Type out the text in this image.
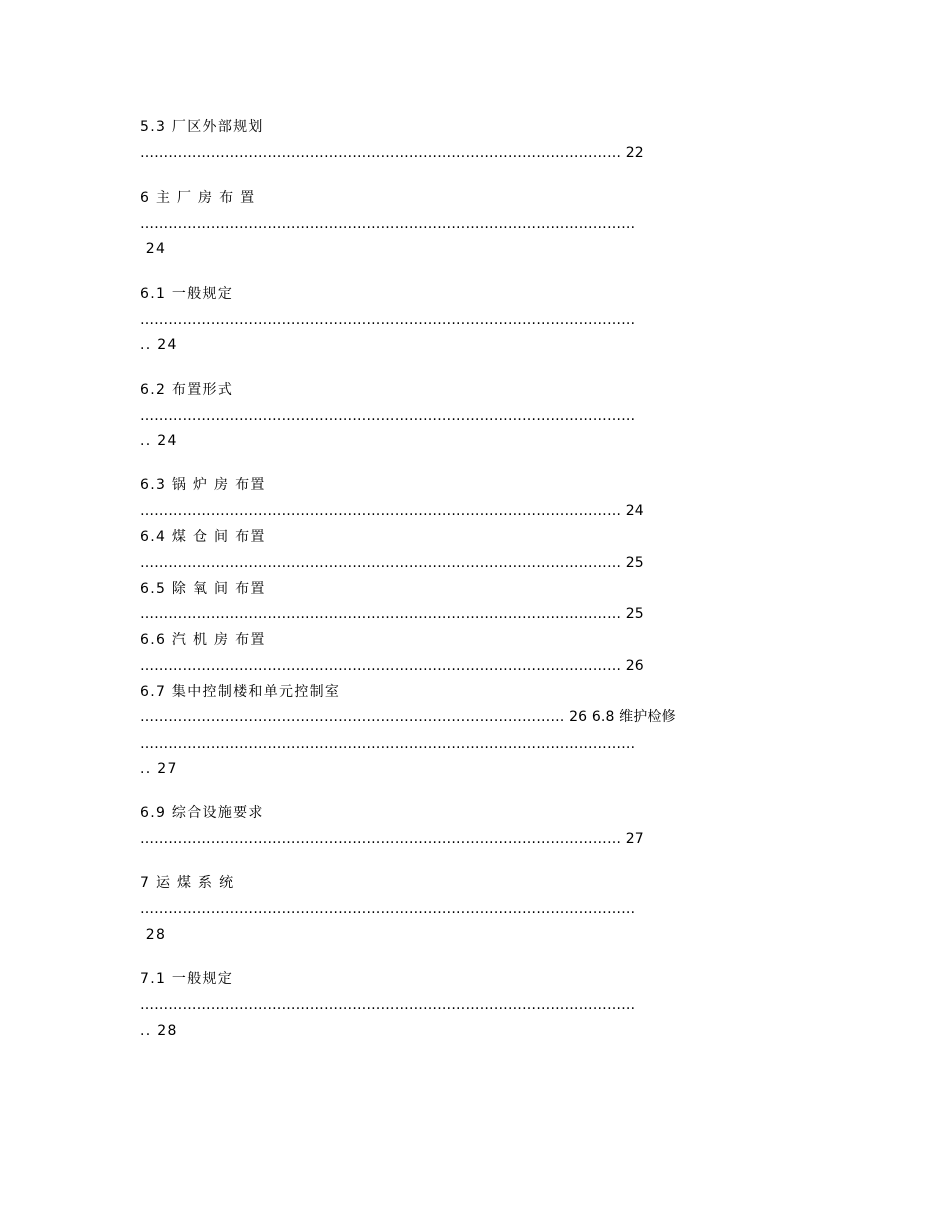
5.3 厂区外部规划
………………………………………………………………………………………… 22
6 主 厂 房 布 置
……………………………………………………………………………………………
24
6.1 一般规定
……………………………………………………………………………………………
.. 24
6.2 布置形式
……………………………………………………………………………………………
.. 24
6.3 锅 炉 房 布置
………………………………………………………………………………………… 24
6.4 煤 仓 间 布置
………………………………………………………………………………………… 25
6.5 除 氧 间 布置
………………………………………………………………………………………… 25
6.6 汽 机 房 布置
………………………………………………………………………………………… 26
6.7 集中控制楼和单元控制室
……………………………………………………………………………… 26 6.8 维护检修
……………………………………………………………………………………………
.. 27
6.9 综合设施要求
………………………………………………………………………………………… 27
7 运 煤 系 统
……………………………………………………………………………………………
28
7.1 一般规定
……………………………………………………………………………………………
.. 28
